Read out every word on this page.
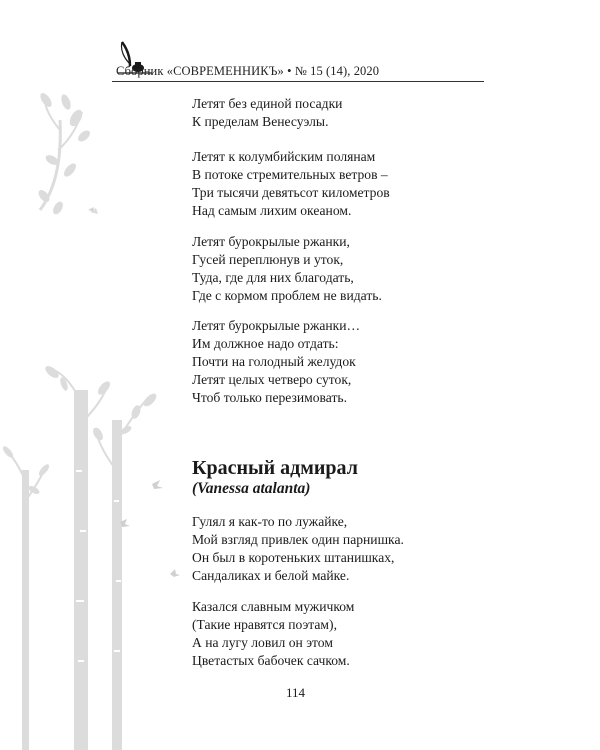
Сборник «СОВРЕМЕННИКЪ» • № 15 (14), 2020
Летят без единой посадки
К пределам Венесуэлы.
Летят к колумбийским полянам
В потоке стремительных ветров –
Три тысячи девятьсот километров
Над самым лихим океаном.
Летят бурокрылые ржанки,
Гусей переплюнув и уток,
Туда, где для них благодать,
Где с кормом проблем не видать.
Летят бурокрылые ржанки…
Им должное надо отдать:
Почти на голодный желудок
Летят целых четверо суток,
Чтоб только перезимовать.
Красный адмирал
(Vanessa atalanta)
Гулял я как-то по лужайке,
Мой взгляд привлек один парнишка.
Он был в коротеньких штанишках,
Сандаликах и белой майке.
Казался славным мужичком
(Такие нравятся поэтам),
А на лугу ловил он этом
Цветастых бабочек сачком.
114
